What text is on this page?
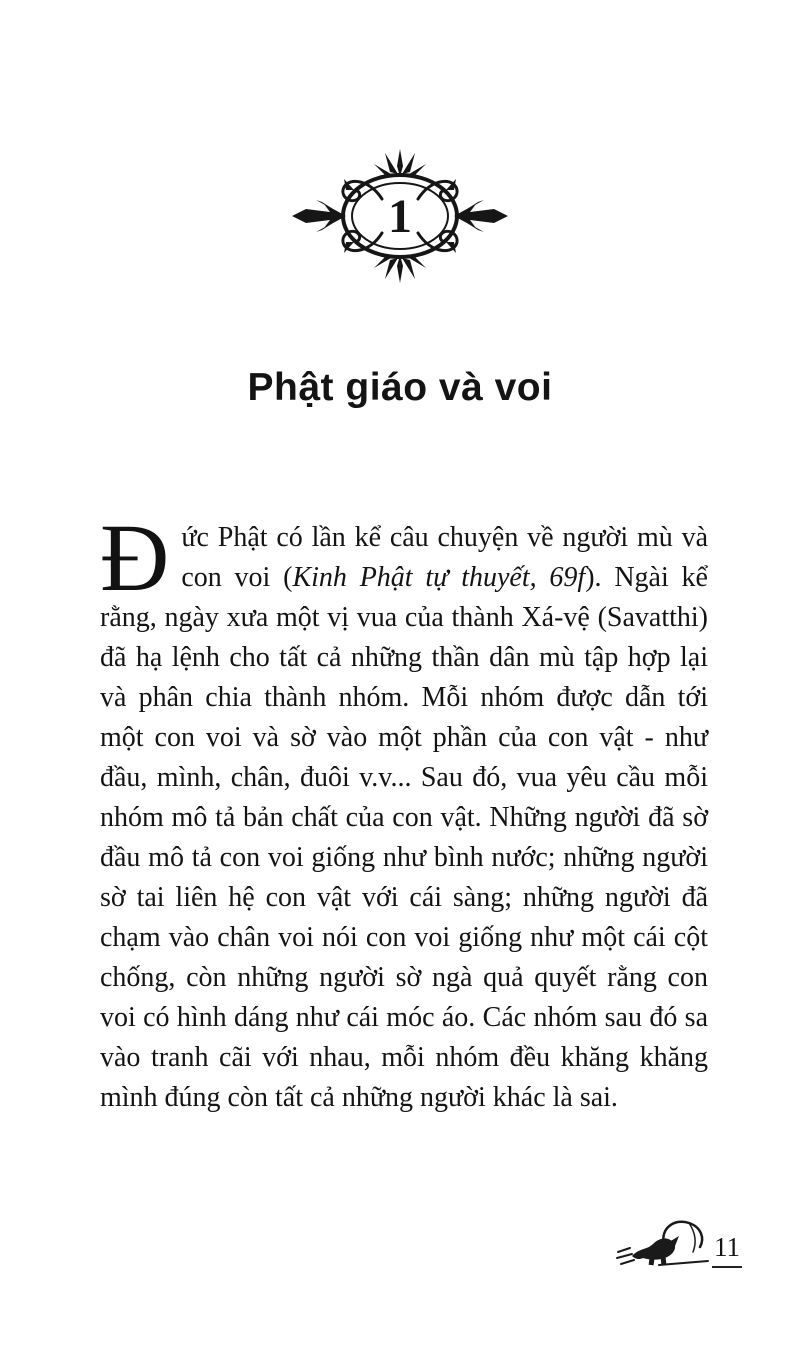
1
Phật giáo và voi

Đức Phật có lần kể câu chuyện về người mù và con voi (Kinh Phật tự thuyết, 69f). Ngài kể rằng, ngày xưa một vị vua của thành Xá-vệ (Savatthi) đã hạ lệnh cho tất cả những thần dân mù tập hợp lại và phân chia thành nhóm. Mỗi nhóm được dẫn tới một con voi và sờ vào một phần của con vật - như đầu, mình, chân, đuôi v.v... Sau đó, vua yêu cầu mỗi nhóm mô tả bản chất của con vật. Những người đã sờ đầu mô tả con voi giống như bình nước; những người sờ tai liên hệ con vật với cái sàng; những người đã chạm vào chân voi nói con voi giống như một cái cột chống, còn những người sờ ngà quả quyết rằng con voi có hình dáng như cái móc áo. Các nhóm sau đó sa vào tranh cãi với nhau, mỗi nhóm đều khăng khăng mình đúng còn tất cả những người khác là sai.

11
